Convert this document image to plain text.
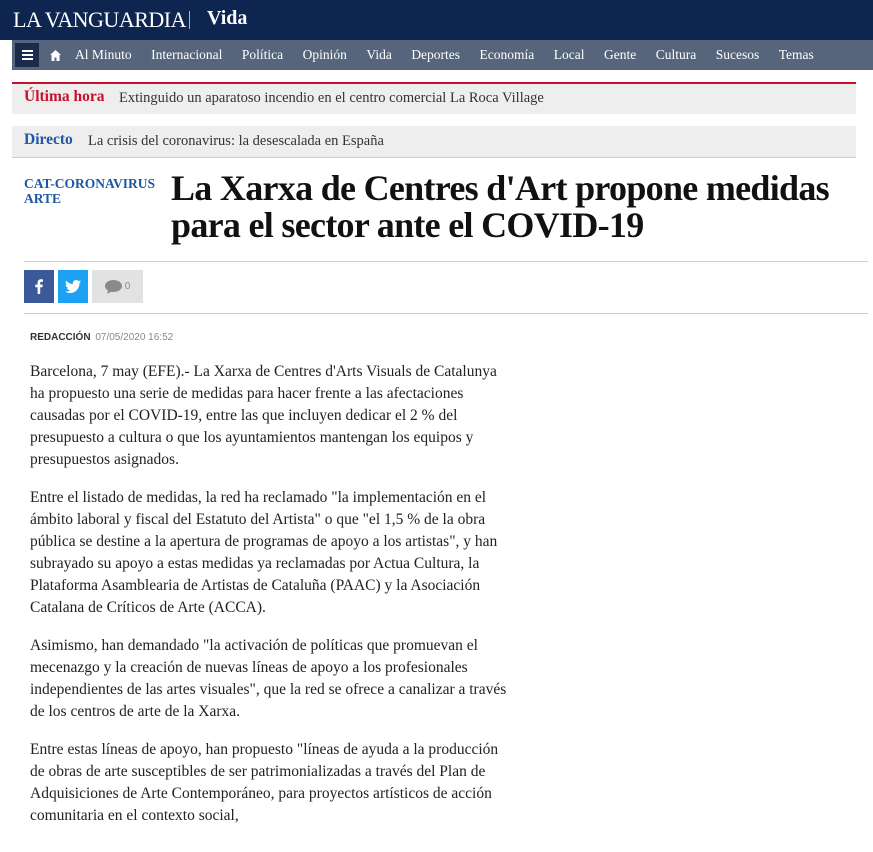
LA VANGUARDIA Vida
Al Minuto Internacional Política Opinión Vida Deportes Economía Local Gente Cultura Sucesos Temas
Última hora Extinguido un aparatoso incendio en el centro comercial La Roca Village
Directo La crisis del coronavirus: la desescalada en España
CAT-CORONAVIRUS
ARTE	La Xarxa de Centres d'Art propone medidas para el sector ante el COVID-19
0
REDACCIÓN 07/05/2020 16:52

Barcelona, 7 may (EFE).- La Xarxa de Centres d'Arts Visuals de Catalunya ha propuesto una serie de medidas para hacer frente a las afectaciones causadas por el COVID-19, entre las que incluyen dedicar el 2 % del presupuesto a cultura o que los ayuntamientos mantengan los equipos y presupuestos asignados.

Entre el listado de medidas, la red ha reclamado "la implementación en el ámbito laboral y fiscal del Estatuto del Artista" o que "el 1,5 % de la obra pública se destine a la apertura de programas de apoyo a los artistas", y han subrayado su apoyo a estas medidas ya reclamadas por Actua Cultura, la Plataforma Asamblearia de Artistas de Cataluña (PAAC) y la Asociación Catalana de Críticos de Arte (ACCA).

Asimismo, han demandado "la activación de políticas que promuevan el mecenazgo y la creación de nuevas líneas de apoyo a los profesionales independientes de las artes visuales", que la red se ofrece a canalizar a través de los centros de arte de la Xarxa.

Entre estas líneas de apoyo, han propuesto "líneas de ayuda a la producción de obras de arte susceptibles de ser patrimonializadas a través del Plan de Adquisiciones de Arte Contemporáneo, para proyectos artísticos de acción comunitaria en el contexto social,
